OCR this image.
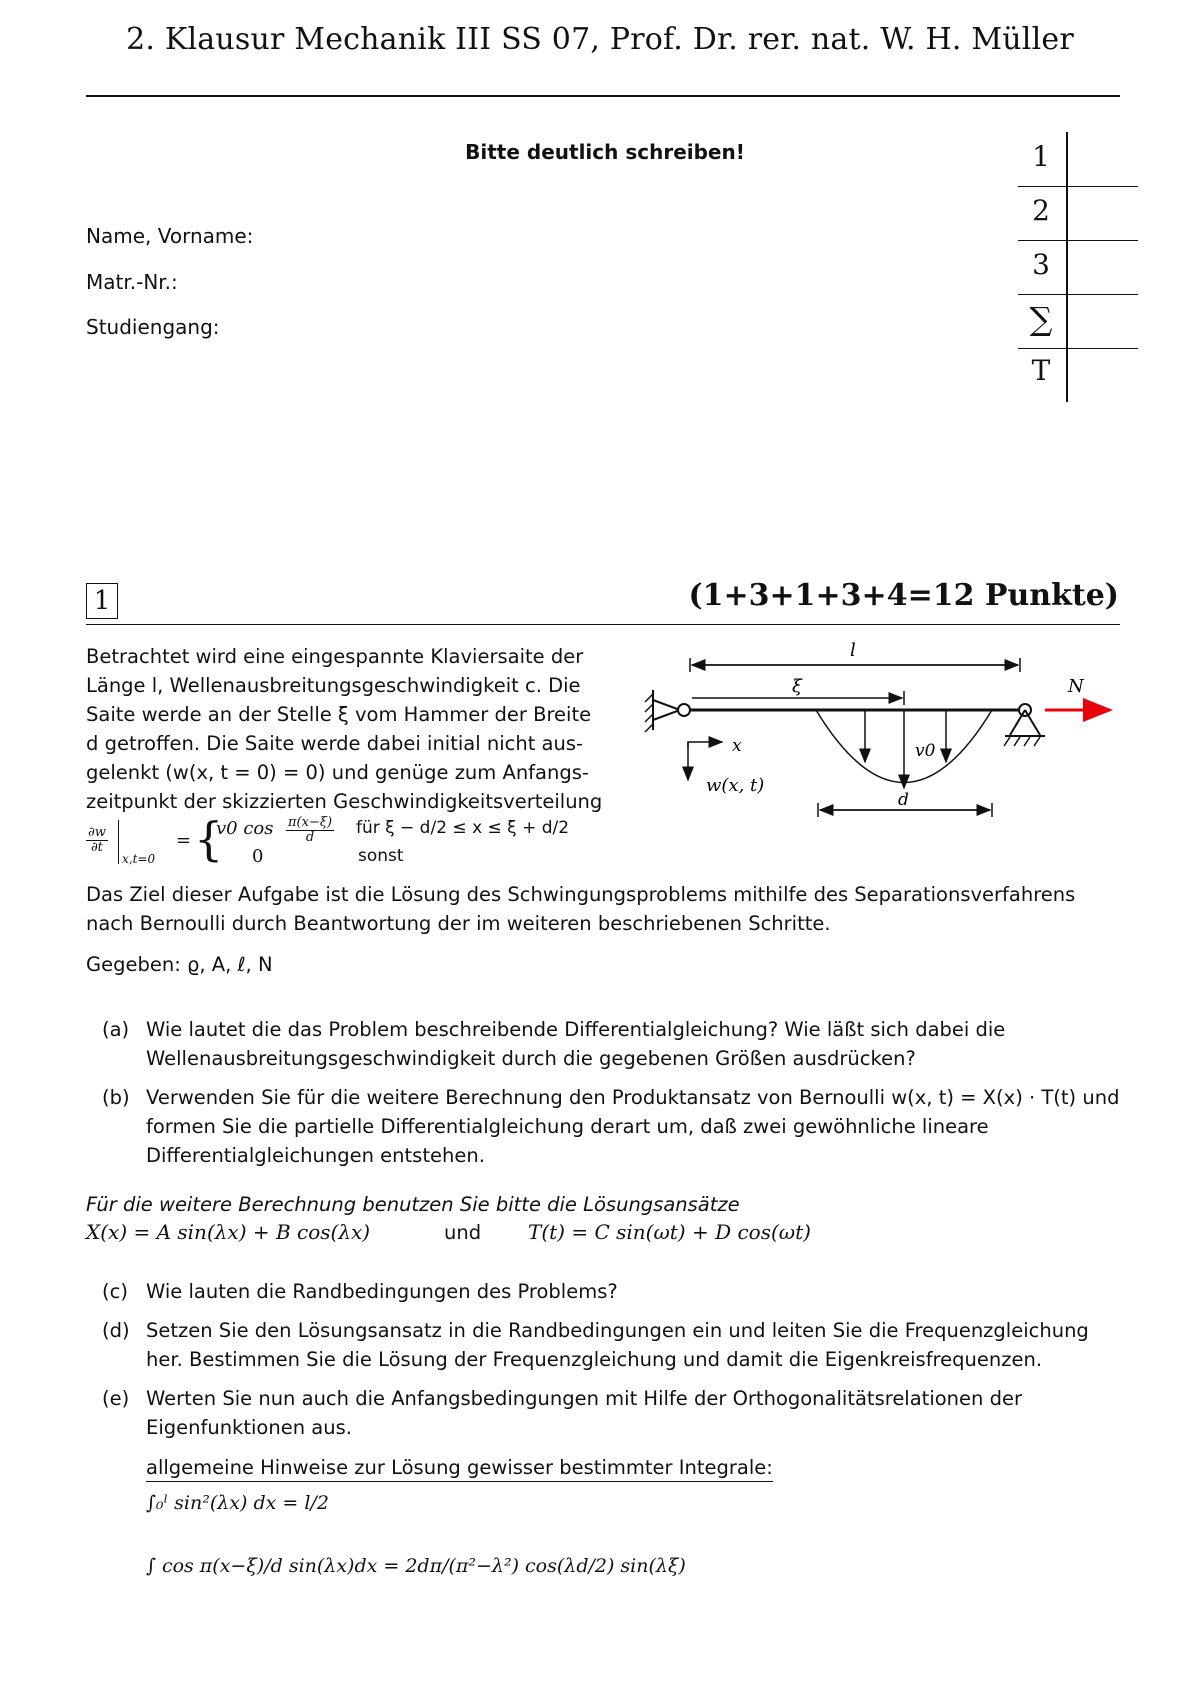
2. Klausur Mechanik III SS 07, Prof. Dr. rer. nat. W. H. Müller
Bitte deutlich schreiben!
Name, Vorname:
Matr.-Nr.:
Studiengang:
1
2
3
∑
T
1	(1+3+1+3+4=12 Punkte)
Betrachtet wird eine eingespannte Klaviersaite der
Länge l, Wellenausbreitungsgeschwindigkeit c. Die
Saite werde an der Stelle ξ vom Hammer der Breite
d getroffen. Die Saite werde dabei initial nicht aus-
gelenkt (w(x, t = 0) = 0) und genüge zum Anfangs-
zeitpunkt der skizzierten Geschwindigkeitsverteilung
$\frac{\partial w}{\partial t}$
x,t=0
= {
v0 $\cos \frac{\pi(x-\xi)}{d}$ für ξ − d/2 ≤ x ≤ ξ + d/2
0	sonst
Das Ziel dieser Aufgabe ist die Lösung des Schwingungsproblems mithilfe des Separationsverfahrens
nach Bernoulli durch Beantwortung der im weiteren beschriebenen Schritte.
Gegeben: ϱ, A, ℓ, N
(a) Wie lautet die das Problem beschreibende Differentialgleichung? Wie läßt sich dabei die Wellenausbreitungsgeschwindigkeit durch die gegebenen Größen ausdrücken?
(b) Verwenden Sie für die weitere Berechnung den Produktansatz von Bernoulli w(x, t) = X(x) · T(t) und formen Sie die partielle Differentialgleichung derart um, daß zwei gewöhnliche lineare Differentialgleichungen entstehen.
Für die weitere Berechnung benutzen Sie bitte die Lösungsansätze
X(x) = A sin(λx) + B cos(λx)	und T(t) = C sin(ωt) + D cos(ωt)
(c) Wie lauten die Randbedingungen des Problems?
(d) Setzen Sie den Lösungsansatz in die Randbedingungen ein und leiten Sie die Frequenzgleichung her. Bestimmen Sie die Lösung der Frequenzgleichung und damit die Eigenkreisfrequenzen.
(e) Werten Sie nun auch die Anfangsbedingungen mit Hilfe der Orthogonalitätsrelationen der Eigenfunktionen aus.
allgemeine Hinweise zur Lösung gewisser bestimmter Integrale:
∫₀ˡ sin²(λx) dx = l/2
∫ cos π(x−ξ)/d sin(λx)dx = 2dπ/(π²−λ²) cos(λd/2) sin(λξ)
l
ξ	N
v0
d
x
w(x, t)
